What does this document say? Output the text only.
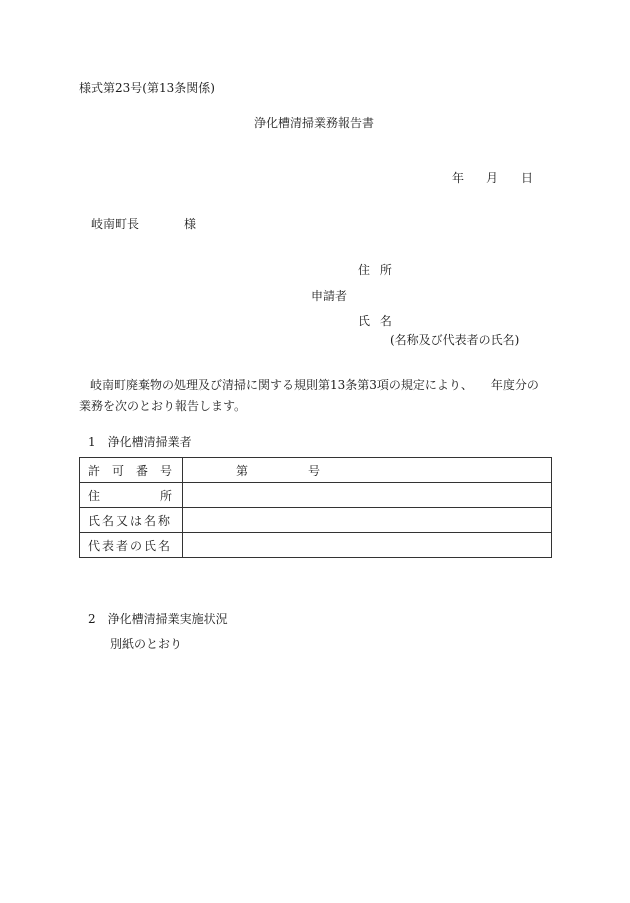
様式第23号(第13条関係)
浄化槽清掃業務報告書
年 月 日
岐南町長	様
住 所
申請者
氏 名
(名称及び代表者の氏名)
岐南町廃棄物の処理及び清掃に関する規則第13条第3項の規定により、　　年度分の業務を次のとおり報告します。
1　浄化槽清掃業者
許 可 番 号	第 号

住 所	

氏名又は名称	
代表者の氏名	
2　浄化槽清掃業実施状況
別紙のとおり
